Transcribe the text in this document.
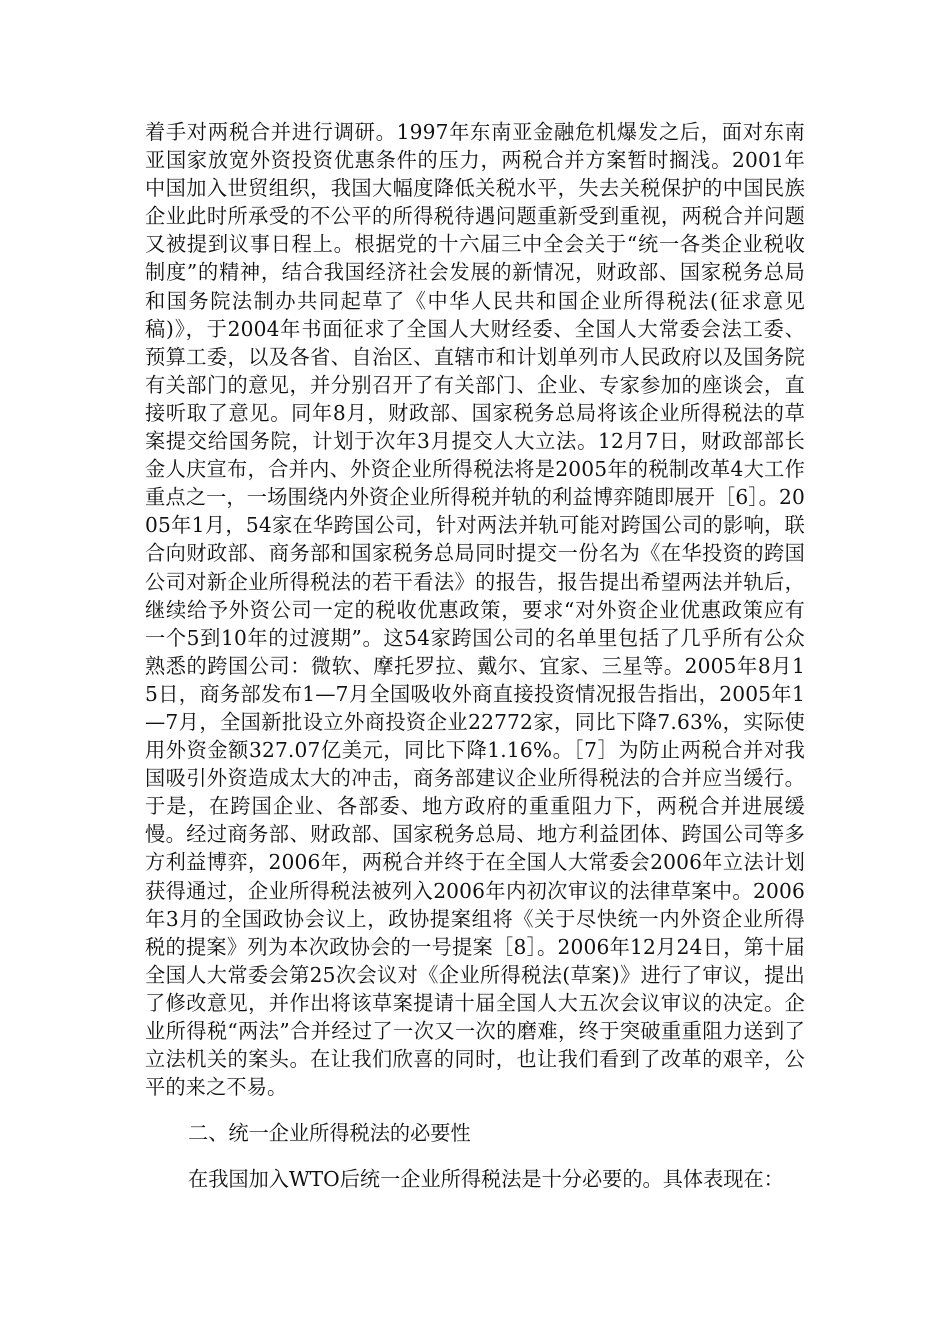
着手对两税合并进行调研。1997年东南亚金融危机爆发之后，面对东南亚国家放宽外资投资优惠条件的压力，两税合并方案暂时搁浅。2001年中国加入世贸组织，我国大幅度降低关税水平，失去关税保护的中国民族企业此时所承受的不公平的所得税待遇问题重新受到重视，两税合并问题又被提到议事日程上。根据党的十六届三中全会关于“统一各类企业税收制度”的精神，结合我国经济社会发展的新情况，财政部、国家税务总局和国务院法制办共同起草了《中华人民共和国企业所得税法(征求意见稿)》，于2004年书面征求了全国人大财经委、全国人大常委会法工委、预算工委，以及各省、自治区、直辖市和计划单列市人民政府以及国务院有关部门的意见，并分别召开了有关部门、企业、专家参加的座谈会，直接听取了意见。同年8月，财政部、国家税务总局将该企业所得税法的草案提交给国务院，计划于次年3月提交人大立法。12月7日，财政部部长金人庆宣布，合并内、外资企业所得税法将是2005年的税制改革4大工作重点之一，一场围绕内外资企业所得税并轨的利益博弈随即展开［6］。2005年1月，54家在华跨国公司，针对两法并轨可能对跨国公司的影响，联合向财政部、商务部和国家税务总局同时提交一份名为《在华投资的跨国公司对新企业所得税法的若干看法》的报告，报告提出希望两法并轨后，继续给予外资公司一定的税收优惠政策，要求“对外资企业优惠政策应有一个5到10年的过渡期”。这54家跨国公司的名单里包括了几乎所有公众熟悉的跨国公司：微软、摩托罗拉、戴尔、宜家、三星等。2005年8月15日，商务部发布1—7月全国吸收外商直接投资情况报告指出，2005年1—7月，全国新批设立外商投资企业22772家，同比下降7.63%，实际使用外资金额327.07亿美元，同比下降1.16%。［7］为防止两税合并对我国吸引外资造成太大的冲击，商务部建议企业所得税法的合并应当缓行。于是，在跨国企业、各部委、地方政府的重重阻力下，两税合并进展缓慢。经过商务部、财政部、国家税务总局、地方利益团体、跨国公司等多方利益博弈，2006年，两税合并终于在全国人大常委会2006年立法计划获得通过，企业所得税法被列入2006年内初次审议的法律草案中。2006年3月的全国政协会议上，政协提案组将《关于尽快统一内外资企业所得税的提案》列为本次政协会的一号提案［8］。2006年12月24日，第十届全国人大常委会第25次会议对《企业所得税法(草案)》进行了审议，提出了修改意见，并作出将该草案提请十届全国人大五次会议审议的决定。企业所得税“两法”合并经过了一次又一次的磨难，终于突破重重阻力送到了立法机关的案头。在让我们欣喜的同时，也让我们看到了改革的艰辛，公平的来之不易。

二、统一企业所得税法的必要性

在我国加入WTO后统一企业所得税法是十分必要的。具体表现在：
